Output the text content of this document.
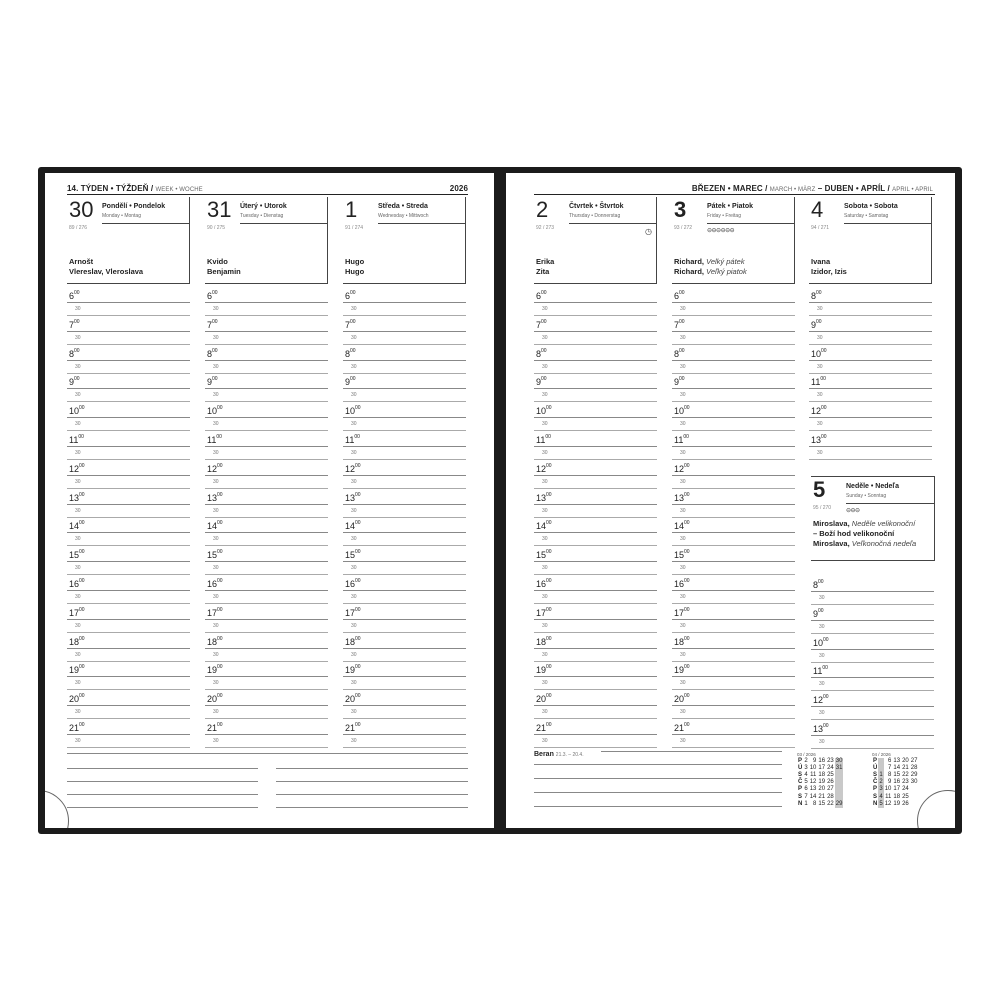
14. TÝDEN • TÝŽDEŇ / WEEK • WOCHE	2026
30 Pondělí • Pondelok
Monday • Montag
89 / 276
Arnošt
Vlereslav, Vleroslava
$6^{00}$
30
$7^{00}$
30
$8^{00}$
30
$9^{00}$
30
$10^{00}$
30
$11^{00}$
30
$12^{00}$
30
$13^{00}$
30
$14^{00}$
30
$15^{00}$
30
$16^{00}$
30
$17^{00}$
30
$18^{00}$
30
$19^{00}$
30
$20^{00}$
30
$21^{00}$
30
31 Úterý • Utorok
Tuesday • Dienstag
90 / 275
Kvido
Benjamin
$6^{00}$
30
$7^{00}$
30
$8^{00}$
30
$9^{00}$
30
$10^{00}$
30
$11^{00}$
30
$12^{00}$
30
$13^{00}$
30
$14^{00}$
30
$15^{00}$
30
$16^{00}$
30
$17^{00}$
30
$18^{00}$
30
$19^{00}$
30
$20^{00}$
30
$21^{00}$
30
1	Středa • Streda
Wednesday • Mittwoch
91 / 274
Hugo
Hugo
$6^{00}$
30
$7^{00}$
30
$8^{00}$
30
$9^{00}$
30
$10^{00}$
30
$11^{00}$
30
$12^{00}$
30
$13^{00}$
30
$14^{00}$
30
$15^{00}$
30
$16^{00}$
30
$17^{00}$
30
$18^{00}$
30
$19^{00}$
30
$20^{00}$
30
$21^{00}$
30
BŘEZEN • MAREC / MARCH • MÄRZ – DUBEN • APRÍL / APRIL • APRIL
2	Čtvrtek • Štvrtok
Thursday • Donnerstag
92 / 273
Erika
Zita
◷
$6^{00}$
30
$7^{00}$
30
$8^{00}$
30
$9^{00}$
30
$10^{00}$
30
$11^{00}$
30
$12^{00}$
30
$13^{00}$
30
$14^{00}$
30
$15^{00}$
30
$16^{00}$
30
$17^{00}$
30
$18^{00}$
30
$19^{00}$
30
$20^{00}$
30
$21^{00}$
30
3	Pátek • Piatok
Friday • Freitag
93 / 272
Richard, Velký pátek
Richard, Veľký piatok
⊖⊖⊖⊖⊖⊖
$6^{00}$
30
$7^{00}$
30
$8^{00}$
30
$9^{00}$
30
$10^{00}$
30
$11^{00}$
30
$12^{00}$
30
$13^{00}$
30
$14^{00}$
30
$15^{00}$
30
$16^{00}$
30
$17^{00}$
30
$18^{00}$
30
$19^{00}$
30
$20^{00}$
30
$21^{00}$
30
4	Sobota • Sobota
Saturday • Samstag
94 / 271
Ivana
Izidor, Izis
$8^{00}$
30
$9^{00}$
30
$10^{00}$
30
$11^{00}$
30
$12^{00}$
30
$13^{00}$
30
5	Neděle • Nedeľa
Sunday • Sonntag
95 / 270
Miroslava, Neděle velikonoční
– Boží hod velikonoční
Miroslava, Veľkonočná nedeľa
⊖⊖⊖
$8^{00}$
30
$9^{00}$
30
$10^{00}$
30
$11^{00}$
30
$12^{00}$
30
$13^{00}$
30
Beran 21.3. – 20.4.	03 / 2026
P	2	9	16	23	30
Ú	3	10	17	24	31
S	4	11	18	25	
Č	5	12	19	26	
P	6	13	20	27	
S	7	14	21	28	
N	1	8	15	22	29
04 / 2026
P		6	13	20	27
Ú		7	14	21	28
S	1	8	15	22	29
Č	2	9	16	23	30
P	3	10	17	24	
S	4	11	18	25	
N	5	12	19	26	
